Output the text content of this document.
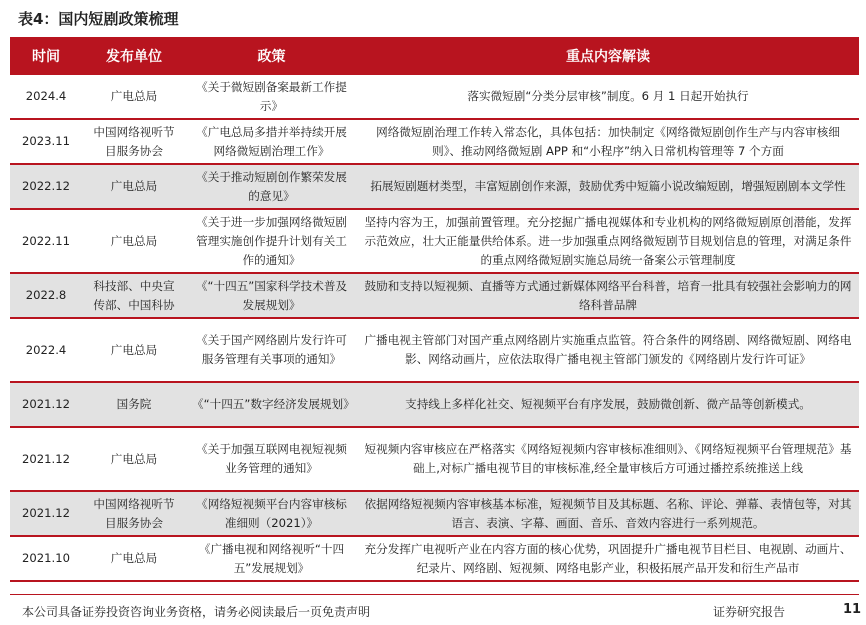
表4：国内短剧政策梳理
时间	发布单位	政策	重点内容解读
2024.4	广电总局	《关于微短剧备案最新工作提示》	落实微短剧“分类分层审核”制度。6 月 1 日起开始执行
2023.11	中国网络视听节目服务协会	《广电总局多措并举持续开展网络微短剧治理工作》	网络微短剧治理工作转入常态化，具体包括：加快制定《网络微短剧创作生产与内容审核细则》、推动网络微短剧 APP 和“小程序”纳入日常机构管理等 7 个方面
2022.12	广电总局	《关于推动短剧创作繁荣发展的意见》	拓展短剧题材类型，丰富短剧创作来源，鼓励优秀中短篇小说改编短剧，增强短剧剧本文学性
2022.11	广电总局	《关于进一步加强网络微短剧管理实施创作提升计划有关工作的通知》	坚持内容为王，加强前置管理。充分挖掘广播电视媒体和专业机构的网络微短剧原创潜能，发挥示范效应，壮大正能量供给体系。进一步加强重点网络微短剧节目规划信息的管理，对满足条件的重点网络微短剧实施总局统一备案公示管理制度
2022.8	科技部、中央宣传部、中国科协	《“十四五”国家科学技术普及发展规划》	鼓励和支持以短视频、直播等方式通过新媒体网络平台科普，培育一批具有较强社会影响力的网络科普品牌
2022.4	广电总局	《关于国产网络剧片发行许可服务管理有关事项的通知》	广播电视主管部门对国产重点网络剧片实施重点监管。符合条件的网络剧、网络微短剧、网络电影、网络动画片，应依法取得广播电视主管部门颁发的《网络剧片发行许可证》
2021.12	国务院	《“十四五”数字经济发展规划》	支持线上多样化社交、短视频平台有序发展，鼓励微创新、微产品等创新模式。
2021.12	广电总局	《关于加强互联网电视短视频业务管理的通知》	短视频内容审核应在严格落实《网络短视频内容审核标准细则》、《网络短视频平台管理规范》基础上,对标广播电视节目的审核标准,经全量审核后方可通过播控系统推送上线
2021.12	中国网络视听节目服务协会	《网络短视频平台内容审核标准细则（2021）》	依据网络短视频内容审核基本标准，短视频节目及其标题、名称、评论、弹幕、表情包等，对其语言、表演、字幕、画面、音乐、音效内容进行一系列规范。
2021.10	广电总局	《广播电视和网络视听“十四五”发展规划》	充分发挥广电视听产业在内容方面的核心优势，巩固提升广播电视节目栏目、电视剧、动画片、纪录片、网络剧、短视频、网络电影产业，积极拓展产品开发和衍生产品市
本公司具备证券投资咨询业务资格，请务必阅读最后一页免责声明	证券研究报告	11
